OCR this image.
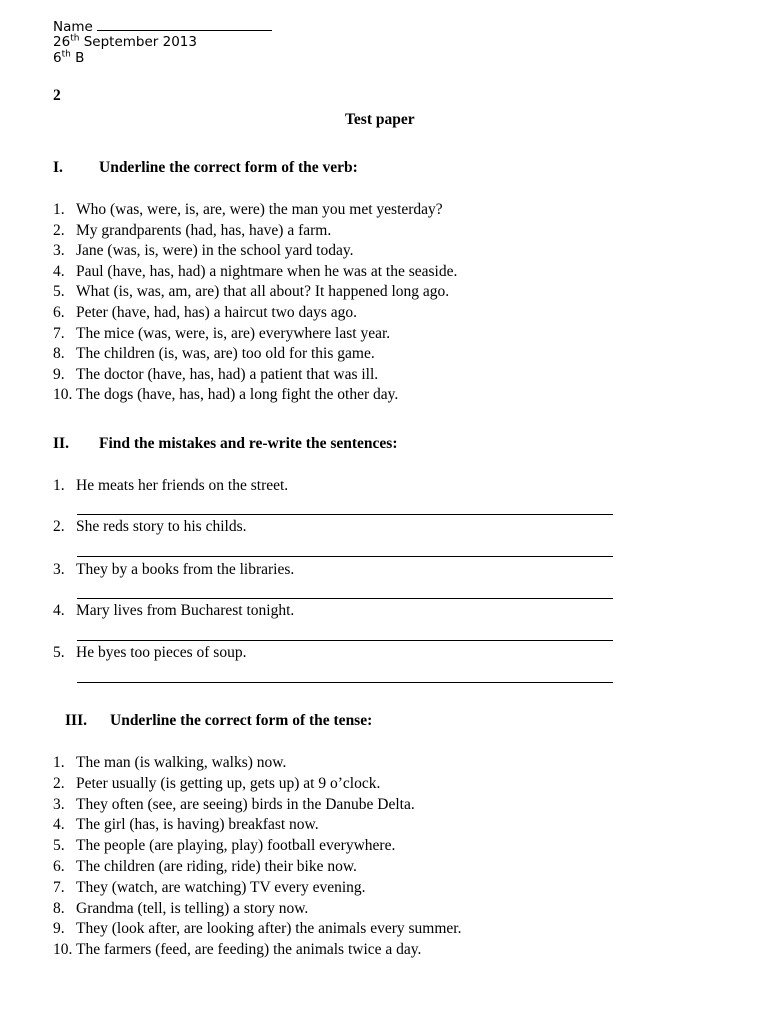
Name
26th September 2013
6th B
2
Test paper
I. Underline the correct form of the verb:
1. Who (was, were, is, are, were) the man you met yesterday?
2. My grandparents (had, has, have) a farm.
3. Jane (was, is, were) in the school yard today.
4. Paul (have, has, had) a nightmare when he was at the seaside.
5. What (is, was, am, are) that all about? It happened long ago.
6. Peter (have, had, has) a haircut two days ago.
7. The mice (was, were, is, are) everywhere last year.
8. The children (is, was, are) too old for this game.
9. The doctor (have, has, had) a patient that was ill.
10. The dogs (have, has, had) a long fight the other day.
II. Find the mistakes and re-write the sentences:
1. He meats her friends on the street.
2. She reds story to his childs.
3. They by a books from the libraries.
4. Mary lives from Bucharest tonight.
5. He byes too pieces of soup.
III. Underline the correct form of the tense:
1. The man (is walking, walks) now.
2. Peter usually (is getting up, gets up) at 9 o’clock.
3. They often (see, are seeing) birds in the Danube Delta.
4. The girl (has, is having) breakfast now.
5. The people (are playing, play) football everywhere.
6. The children (are riding, ride) their bike now.
7. They (watch, are watching) TV every evening.
8. Grandma (tell, is telling) a story now.
9. They (look after, are looking after) the animals every summer.
10. The farmers (feed, are feeding) the animals twice a day.
